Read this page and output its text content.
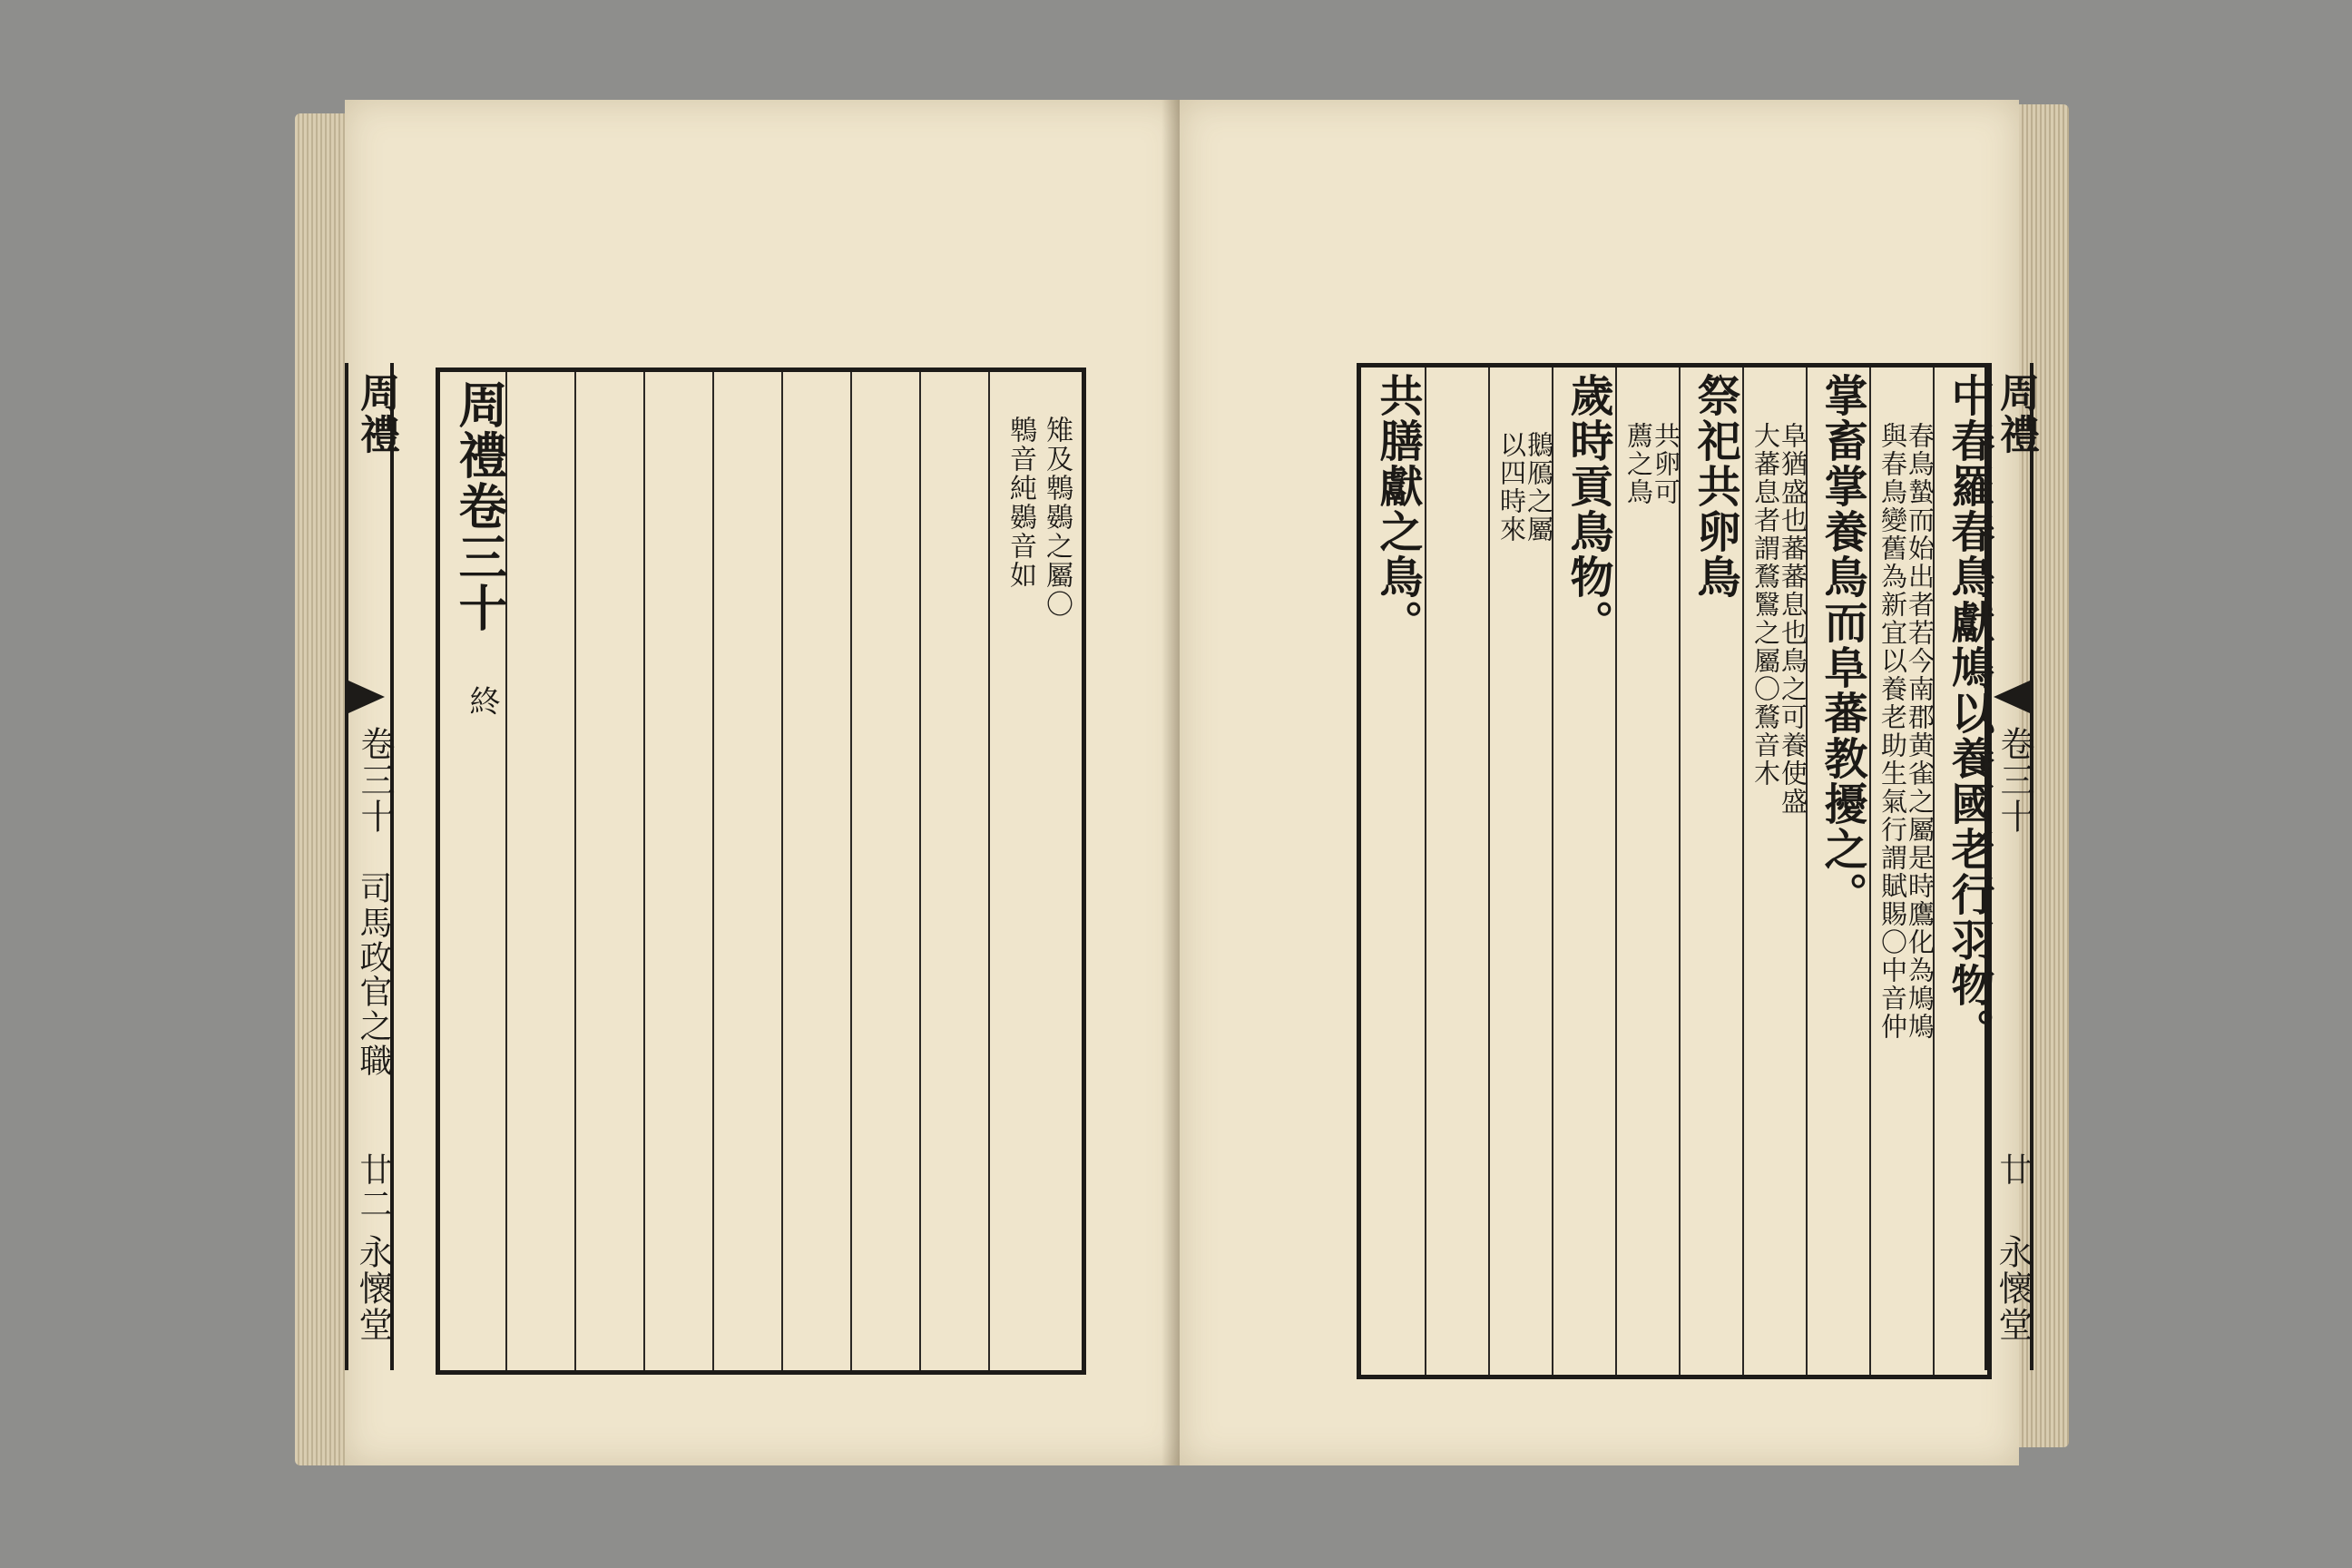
周禮
卷三十
司馬政官之職
廿二
永懷堂
周禮卷三十
終
雉及鵯鷃之屬〇
鵯音純鷃音如	中春羅春鳥獻鳩以養國老行羽物。
春鳥蟄而始出者若今南郡黄雀之屬是時鷹化為鳩鳩
與春鳥變舊為新宜以養老助生氣行謂賦賜〇中音仲
掌畜掌養鳥而阜蕃教擾之。
阜猶盛也蕃蕃息也鳥之可養使盛
大蕃息者謂鶩鷖之屬〇鶩音木
祭祀共卵鳥
共卵可
薦之鳥
歲時貢鳥物。
鵝鴈之屬
以四時來
共膳獻之鳥。	周禮
卷三十
廿
永懷堂
